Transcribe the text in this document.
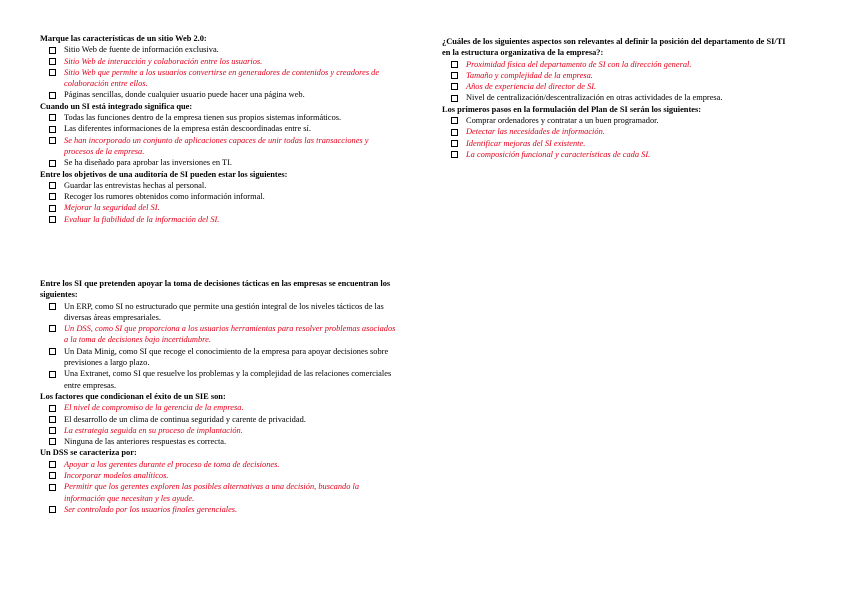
Marque las características de un sitio Web 2.0:
Sitio Web de fuente de información exclusiva.
Sitio Web de interacción y colaboración entre los usuarios.
Sitio Web que permite a los usuarios convertirse en generadores de contenidos y creadores de colaboración entre ellos.
Páginas sencillas, donde cualquier usuario puede hacer una página web.
Cuando un SI está integrado significa que:
Todas las funciones dentro de la empresa tienen sus propios sistemas informáticos.
Las diferentes informaciones de la empresa están descoordinadas entre sí.
Se han incorporado un conjunto de aplicaciones capaces de unir todas las transacciones y procesos de la empresa.
Se ha diseñado para aprobar las inversiones en TI.
Entre los objetivos de una auditoría de SI pueden estar los siguientes:
Guardar las entrevistas hechas al personal.
Recoger los rumores obtenidos como información informal.
Mejorar la seguridad del SI.
Evaluar la fiabilidad de la información del SI.
Entre los SI que pretenden apoyar la toma de decisiones tácticas en las empresas se encuentran los siguientes:
Un ERP, como SI no estructurado que permite una gestión integral de los niveles tácticos de las diversas áreas empresariales.
Un DSS, como SI que proporciona a los usuarios herramientas para resolver problemas asociados a la toma de decisiones bajo incertidumbre.
Un Data Minig, como SI que recoge el conocimiento de la empresa para apoyar decisiones sobre previsiones a largo plazo.
Una Extranet, como SI que resuelve los problemas y la complejidad de las relaciones comerciales entre empresas.
Los factores que condicionan el éxito de un SIE son:
El nivel de compromiso de la gerencia de la empresa.
El desarrollo de un clima de continua seguridad y carente de privacidad.
La estrategia seguida en su proceso de implantación.
Ninguna de las anteriores respuestas es correcta.
Un DSS se caracteriza por:
Apoyar a los gerentes durante el proceso de toma de decisiones.
Incorporar modelos analíticos.
Permitir que los gerentes exploren las posibles alternativas a una decisión, buscando la información que necesitan y les ayude.
Ser controlado por los usuarios finales gerenciales.
¿Cuáles de los siguientes aspectos son relevantes al definir la posición del departamento de SI/TI en la estructura organizativa de la empresa?:
Proximidad física del departamento de SI con la dirección general.
Tamaño y complejidad de la empresa.
Años de experiencia del director de SI.
Nivel de centralización/descentralización en otras actividades de la empresa.
Los primeros pasos en la formulación del Plan de SI serán los siguientes:
Comprar ordenadores y contratar a un buen programador.
Detectar las necesidades de información.
Identificar mejoras del SI existente.
La composición funcional y características de cada SI.
